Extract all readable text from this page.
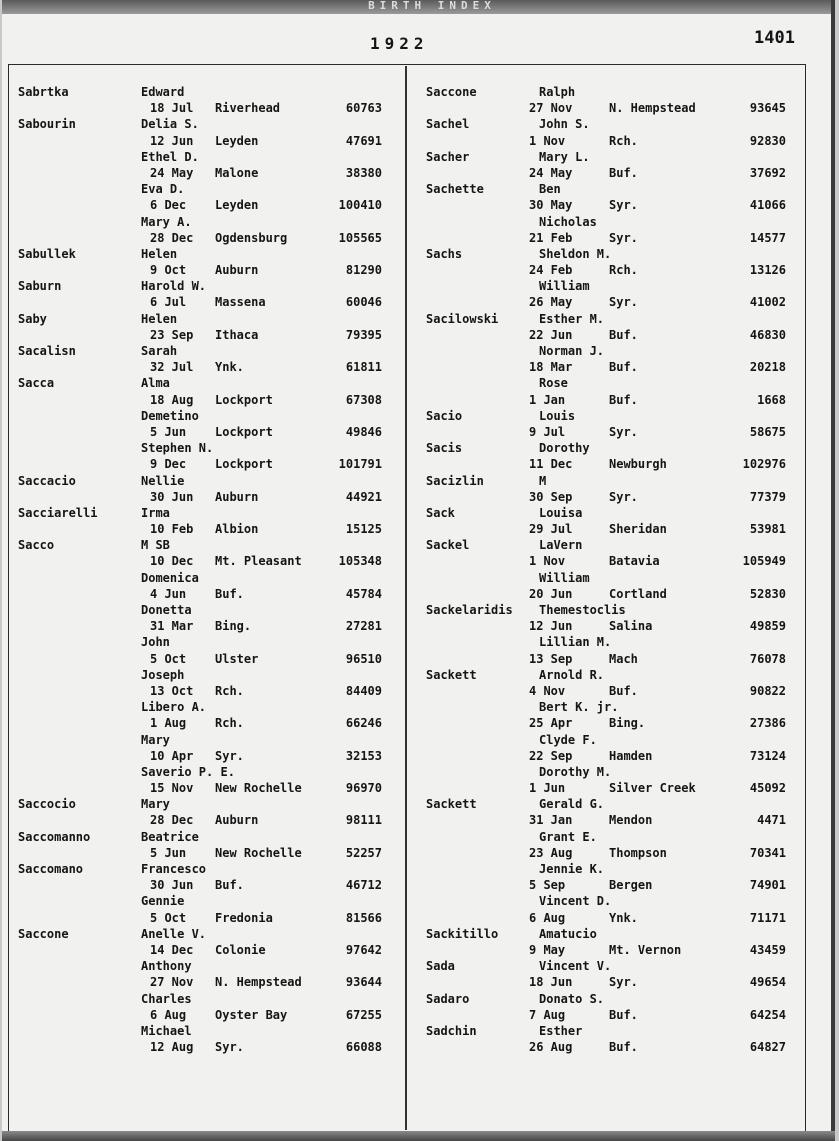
BIRTH INDEX
1922	1401
Sabrtka	Edward
18 Jul Riverhead	60763
Sabourin	Delia S.
12 Jun Leyden	47691
Ethel D.
24 May Malone	38380
Eva D.
6 Dec Leyden	100410
Mary A.
28 Dec Ogdensburg	105565
Sabullek	Helen
9 Oct Auburn	81290
Saburn	Harold W.
6 Jul Massena	60046
Saby	Helen
23 Sep Ithaca	79395
Sacalisn	Sarah
32 Jul Ynk.	61811
Sacca	Alma
18 Aug Lockport	67308
Demetino
5 Jun Lockport	49846
Stephen N.
9 Dec Lockport	101791
Saccacio	Nellie
30 Jun Auburn	44921
Sacciarelli	Irma
10 Feb Albion	15125
Sacco	M SB
10 Dec Mt. Pleasant	105348
Domenica
4 Jun Buf.	45784
Donetta
31 Mar Bing.	27281
John
5 Oct Ulster	96510
Joseph
13 Oct Rch.	84409
Libero A.
1 Aug Rch.	66246
Mary
10 Apr Syr.	32153
Saverio P. E.
15 Nov New Rochelle	96970
Saccocio	Mary
28 Dec Auburn	98111
Saccomanno	Beatrice
5 Jun New Rochelle	52257
Saccomano	Francesco
30 Jun Buf.	46712
Gennie
5 Oct Fredonia	81566
Saccone	Anelle V.
14 Dec Colonie	97642
Anthony
27 Nov N. Hempstead	93644
Charles
6 Aug Oyster Bay	67255
Michael
12 Aug Syr.	66088
Saccone	Ralph
27 Nov	N. Hempstead	93645
Sachel	John S.
1 Nov	Rch.	92830
Sacher	Mary L.
24 May	Buf.	37692
Sachette	Ben
30 May	Syr.	41066
Nicholas
21 Feb	Syr.	14577
Sachs	Sheldon M.
24 Feb	Rch.	13126
William
26 May	Syr.	41002
Sacilowski	Esther M.
22 Jun	Buf.	46830
Norman J.
18 Mar	Buf.	20218
Rose
1 Jan	Buf.	1668
Sacio	Louis
9 Jul	Syr.	58675
Sacis	Dorothy
11 Dec	Newburgh	102976
Sacizlin	M
30 Sep	Syr.	77379
Sack	Louisa
29 Jul	Sheridan	53981
Sackel	LaVern
1 Nov	Batavia	105949
William
20 Jun	Cortland	52830
Sackelaridis Themestoclis
12 Jun	Salina	49859
Lillian M.
13 Sep	Mach	76078
Sackett	Arnold R.
4 Nov	Buf.	90822
Bert K. jr.
25 Apr	Bing.	27386
Clyde F.
22 Sep	Hamden	73124
Dorothy M.
1 Jun	Silver Creek	45092
Sackett	Gerald G.
31 Jan	Mendon	4471
Grant E.
23 Aug	Thompson	70341
Jennie K.
5 Sep	Bergen	74901
Vincent D.
6 Aug	Ynk.	71171
Sackitillo	Amatucio
9 May	Mt. Vernon	43459
Sada	Vincent V.
18 Jun	Syr.	49654
Sadaro	Donato S.
7 Aug	Buf.	64254
Sadchin	Esther
26 Aug	Buf.	64827
